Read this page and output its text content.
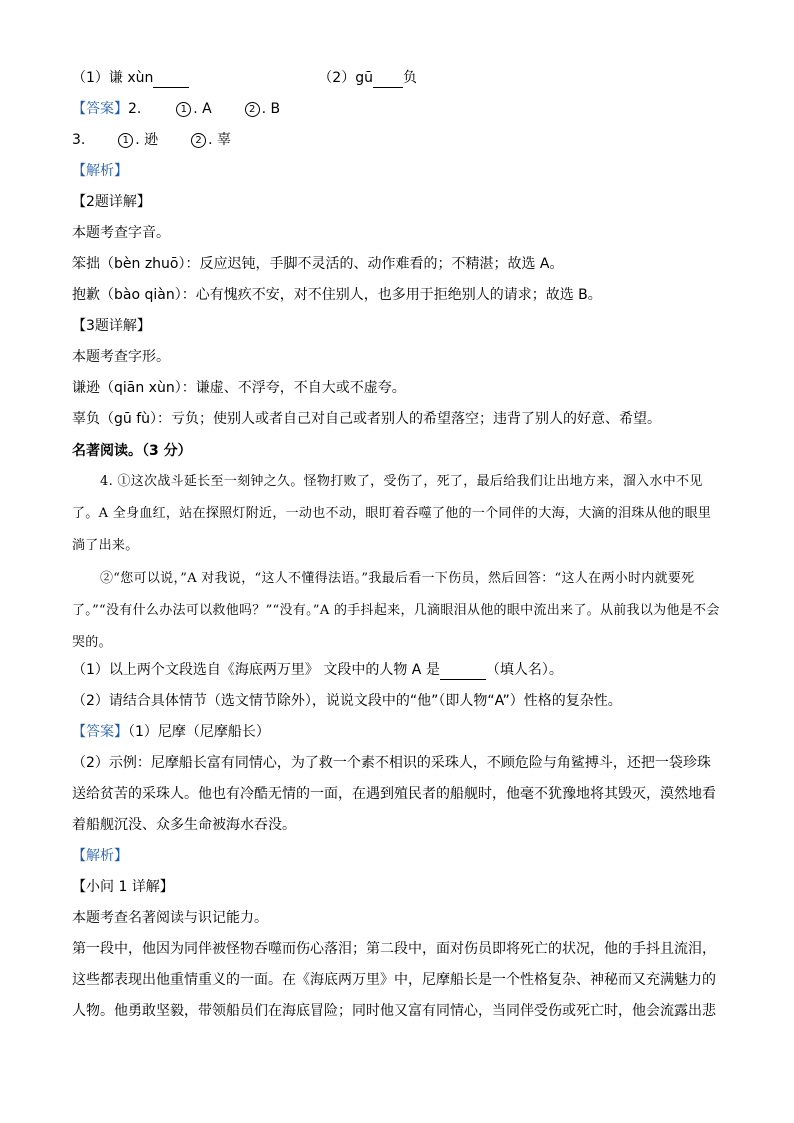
（1）谦 xùn	（2）gū 负
【答案】2.	1 . A	2 . B
3.	1 . 逊	2 . 辜
【解析】
【2题详解】
本题考查字音。
笨拙（bèn zhuō）：反应迟钝，手脚不灵活的、动作难看的；不精湛；故选 A。
抱歉（bào qiàn）：心有愧疚不安，对不住别人，也多用于拒绝别人的请求；故选 B。
【3题详解】
本题考查字形。
谦逊（qiān xùn）：谦虚、不浮夸，不自大或不虚夸。
辜负（gū fù）：亏负；使别人或者自己对自己或者别人的希望落空；违背了别人的好意、希望。
名著阅读。（3 分）
4. ①这次战斗延长至一刻钟之久。怪物打败了，受伤了，死了，最后给我们让出地方来，溜入水中不见了。A 全身血红，站在探照灯附近，一动也不动，眼盯着吞噬了他的一个同伴的大海，大滴的泪珠从他的眼里淌了出来。
②“您可以说，”A 对我说，“这人不懂得法语。”我最后看一下伤员，然后回答：“这人在两小时内就要死了。”“没有什么办法可以救他吗？”“没有。”A 的手抖起来，几滴眼泪从他的眼中流出来了。从前我以为他是不会哭的。
（1）以上两个文段选自《海底两万里》 文段中的人物 A 是	（填人名）。
（2）请结合具体情节（选文情节除外），说说文段中的“他”（即人物“A”）性格的复杂性。
【答案】（1）尼摩（尼摩船长）
（2）示例：尼摩船长富有同情心，为了救一个素不相识的采珠人，不顾危险与角鲨搏斗，还把一袋珍珠送给贫苦的采珠人。他也有冷酷无情的一面，在遇到殖民者的船舰时，他毫不犹豫地将其毁灭，漠然地看着船舰沉没、众多生命被海水吞没。
【解析】
【小问 1 详解】
本题考查名著阅读与识记能力。
第一段中，他因为同伴被怪物吞噬而伤心落泪；第二段中，面对伤员即将死亡的状况，他的手抖且流泪，这些都表现出他重情重义的一面。在《海底两万里》中，尼摩船长是一个性格复杂、神秘而又充满魅力的人物。他勇敢坚毅，带领船员们在海底冒险；同时他又富有同情心，当同伴受伤或死亡时，他会流露出悲
